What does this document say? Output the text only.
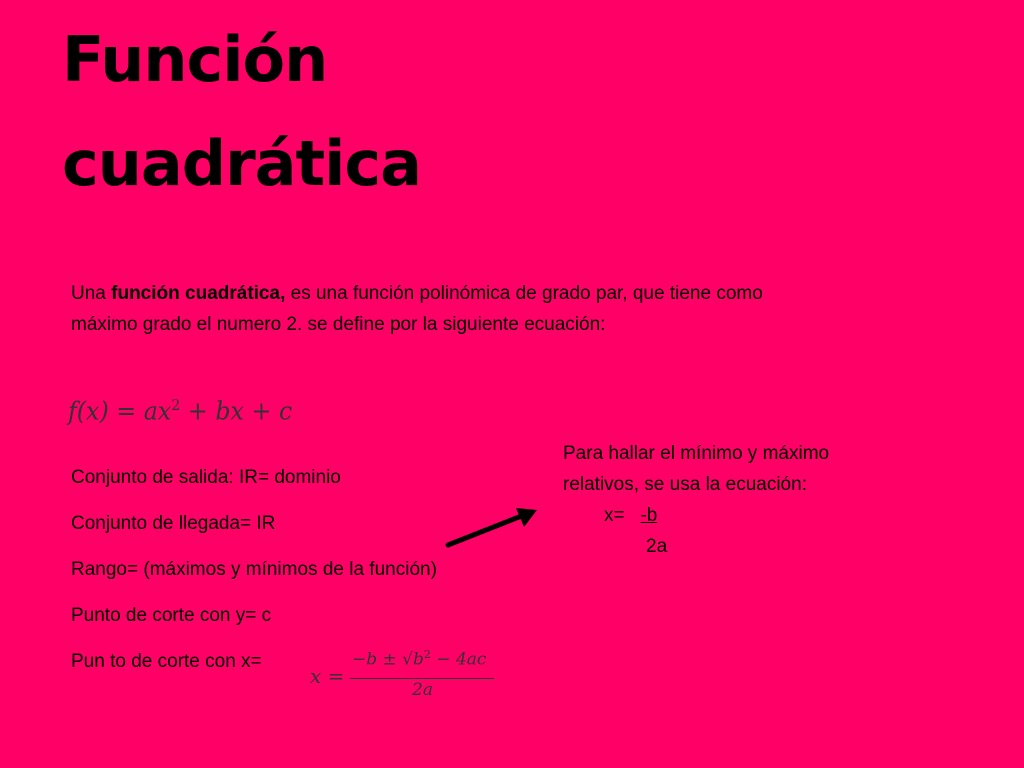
Función
cuadrática
Una función cuadrática, es una función polinómica de grado par, que tiene como
máximo grado el numero 2. se define por la siguiente ecuación:
$f(x) = ax^2$ + bx + c
Conjunto de salida: IR= dominio
Conjunto de llegada= IR
Rango= (máximos y mínimos de la función)
Punto de corte con y= c
Pun to de corte con x=
Para hallar el mínimo y máximo
relativos, se usa la ecuación:
x= -b
2a
x =
$-b \pm √b^2 - 4ac$
2a
